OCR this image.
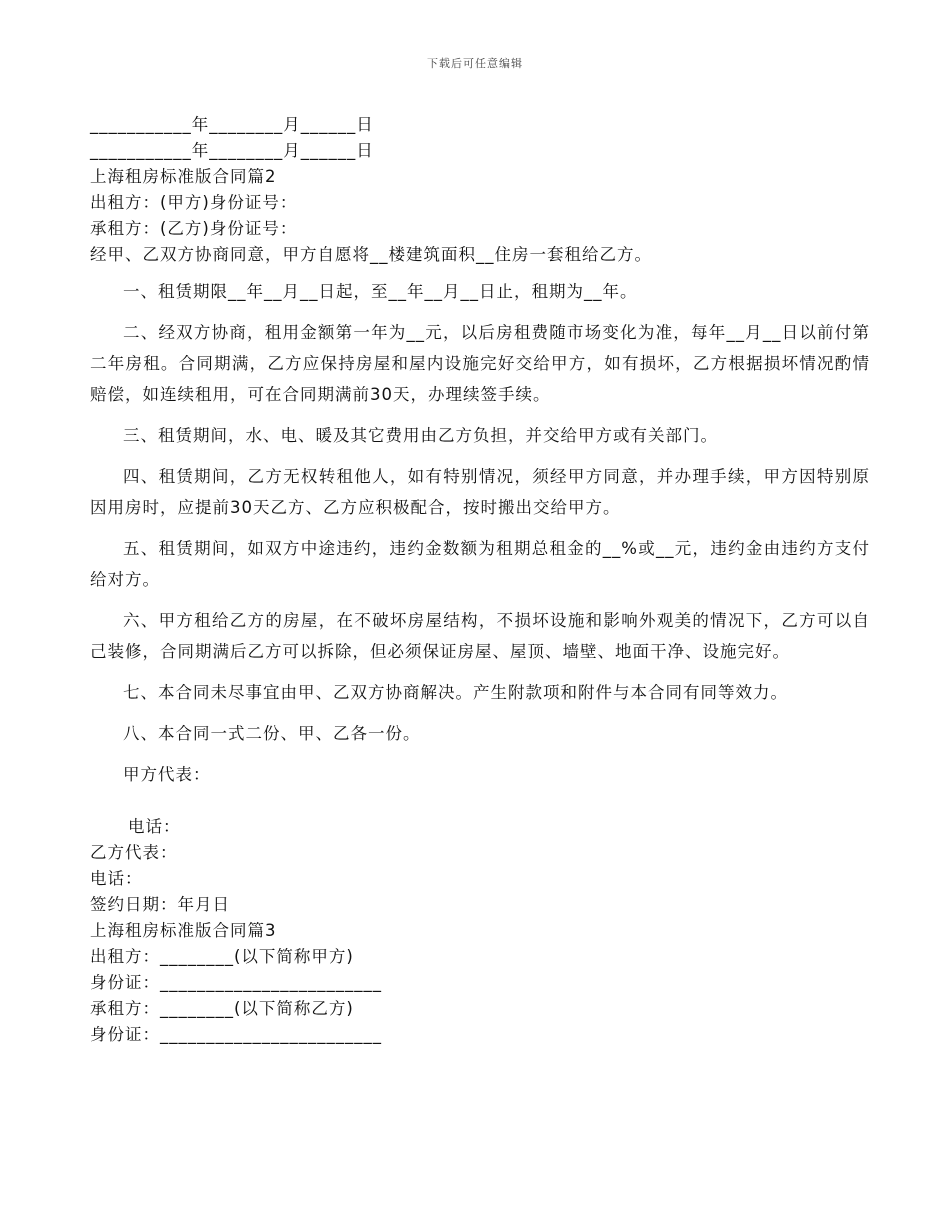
下载后可任意编辑
___________年________月______日
___________年________月______日
上海租房标准版合同篇2
出租方：(甲方)身份证号：
承租方：(乙方)身份证号：
经甲、乙双方协商同意，甲方自愿将__楼建筑面积__住房一套租给乙方。
一、租赁期限__年__月__日起，至__年__月__日止，租期为__年。
二、经双方协商，租用金额第一年为__元，以后房租费随市场变化为准，每年__月__日以前付第二年房租。合同期满，乙方应保持房屋和屋内设施完好交给甲方，如有损坏，乙方根据损坏情况酌情赔偿，如连续租用，可在合同期满前30天，办理续签手续。
三、租赁期间，水、电、暖及其它费用由乙方负担，并交给甲方或有关部门。
四、租赁期间，乙方无权转租他人，如有特别情况，须经甲方同意，并办理手续，甲方因特别原因用房时，应提前30天乙方、乙方应积极配合，按时搬出交给甲方。
五、租赁期间，如双方中途违约，违约金数额为租期总租金的__%或__元，违约金由违约方支付给对方。
六、甲方租给乙方的房屋，在不破坏房屋结构，不损坏设施和影响外观美的情况下，乙方可以自己装修，合同期满后乙方可以拆除，但必须保证房屋、屋顶、墙壁、地面干净、设施完好。
七、本合同未尽事宜由甲、乙双方协商解决。产生附款项和附件与本合同有同等效力。
八、本合同一式二份、甲、乙各一份。
甲方代表：
电话：
乙方代表：
电话：
签约日期：年月日
上海租房标准版合同篇3
出租方：________(以下简称甲方)
身份证：________________________
承租方：________(以下简称乙方)
身份证：________________________
